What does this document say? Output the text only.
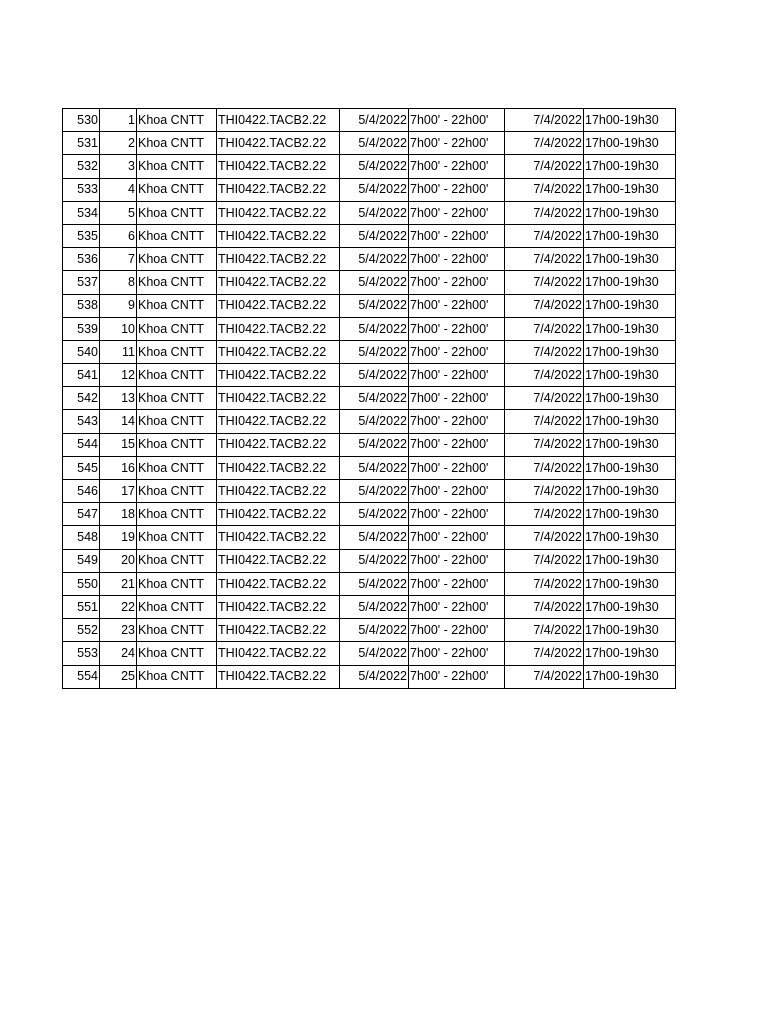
530	1	Khoa CNTT	THI0422.TACB2.22	5/4/2022	7h00' - 22h00'	7/4/2022	17h00-19h30
531	2	Khoa CNTT	THI0422.TACB2.22	5/4/2022	7h00' - 22h00'	7/4/2022	17h00-19h30
532	3	Khoa CNTT	THI0422.TACB2.22	5/4/2022	7h00' - 22h00'	7/4/2022	17h00-19h30
533	4	Khoa CNTT	THI0422.TACB2.22	5/4/2022	7h00' - 22h00'	7/4/2022	17h00-19h30
534	5	Khoa CNTT	THI0422.TACB2.22	5/4/2022	7h00' - 22h00'	7/4/2022	17h00-19h30
535	6	Khoa CNTT	THI0422.TACB2.22	5/4/2022	7h00' - 22h00'	7/4/2022	17h00-19h30
536	7	Khoa CNTT	THI0422.TACB2.22	5/4/2022	7h00' - 22h00'	7/4/2022	17h00-19h30
537	8	Khoa CNTT	THI0422.TACB2.22	5/4/2022	7h00' - 22h00'	7/4/2022	17h00-19h30
538	9	Khoa CNTT	THI0422.TACB2.22	5/4/2022	7h00' - 22h00'	7/4/2022	17h00-19h30
539	10	Khoa CNTT	THI0422.TACB2.22	5/4/2022	7h00' - 22h00'	7/4/2022	17h00-19h30
540	11	Khoa CNTT	THI0422.TACB2.22	5/4/2022	7h00' - 22h00'	7/4/2022	17h00-19h30
541	12	Khoa CNTT	THI0422.TACB2.22	5/4/2022	7h00' - 22h00'	7/4/2022	17h00-19h30
542	13	Khoa CNTT	THI0422.TACB2.22	5/4/2022	7h00' - 22h00'	7/4/2022	17h00-19h30
543	14	Khoa CNTT	THI0422.TACB2.22	5/4/2022	7h00' - 22h00'	7/4/2022	17h00-19h30
544	15	Khoa CNTT	THI0422.TACB2.22	5/4/2022	7h00' - 22h00'	7/4/2022	17h00-19h30
545	16	Khoa CNTT	THI0422.TACB2.22	5/4/2022	7h00' - 22h00'	7/4/2022	17h00-19h30
546	17	Khoa CNTT	THI0422.TACB2.22	5/4/2022	7h00' - 22h00'	7/4/2022	17h00-19h30
547	18	Khoa CNTT	THI0422.TACB2.22	5/4/2022	7h00' - 22h00'	7/4/2022	17h00-19h30
548	19	Khoa CNTT	THI0422.TACB2.22	5/4/2022	7h00' - 22h00'	7/4/2022	17h00-19h30
549	20	Khoa CNTT	THI0422.TACB2.22	5/4/2022	7h00' - 22h00'	7/4/2022	17h00-19h30
550	21	Khoa CNTT	THI0422.TACB2.22	5/4/2022	7h00' - 22h00'	7/4/2022	17h00-19h30
551	22	Khoa CNTT	THI0422.TACB2.22	5/4/2022	7h00' - 22h00'	7/4/2022	17h00-19h30
552	23	Khoa CNTT	THI0422.TACB2.22	5/4/2022	7h00' - 22h00'	7/4/2022	17h00-19h30
553	24	Khoa CNTT	THI0422.TACB2.22	5/4/2022	7h00' - 22h00'	7/4/2022	17h00-19h30
554	25	Khoa CNTT	THI0422.TACB2.22	5/4/2022	7h00' - 22h00'	7/4/2022	17h00-19h30
